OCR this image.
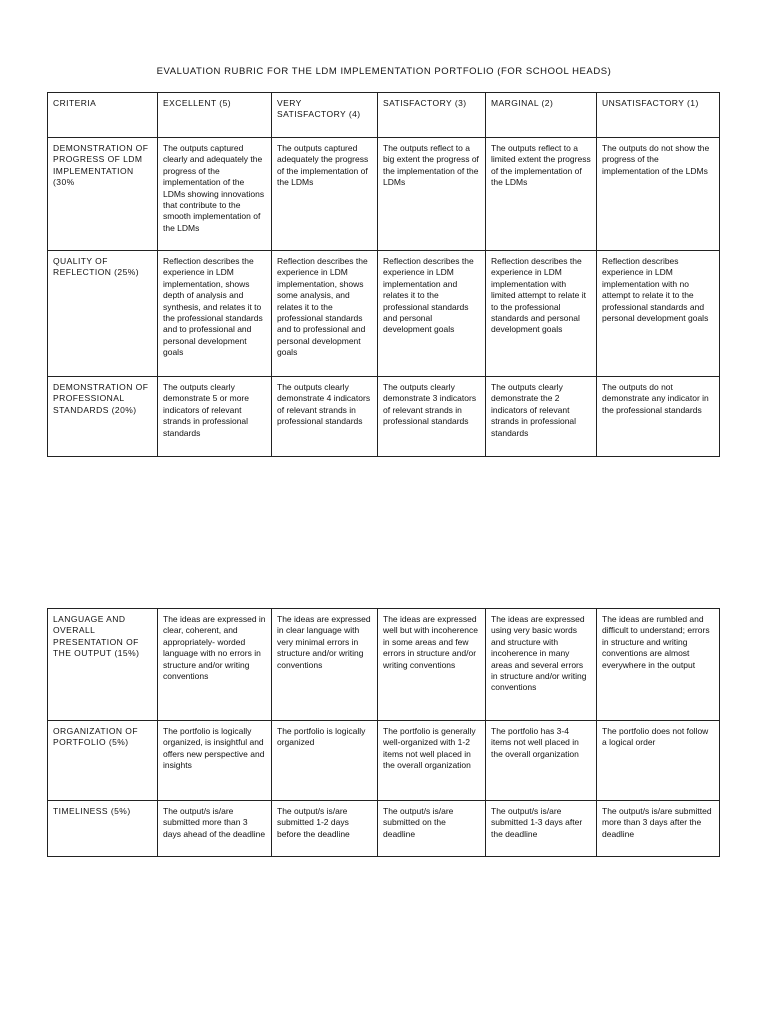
EVALUATION RUBRIC FOR THE LDM IMPLEMENTATION PORTFOLIO (FOR SCHOOL HEADS)
CRITERIA	EXCELLENT (5)	VERY SATISFACTORY (4)	SATISFACTORY (3)	MARGINAL (2)	UNSATISFACTORY (1)
DEMONSTRATION OF PROGRESS OF LDM IMPLEMENTATION (30%	The outputs captured clearly and adequately the progress of the implementation of the LDMs showing innovations that contribute to the smooth implementation of the LDMs	The outputs captured adequately the progress of the implementation of the LDMs	The outputs reflect to a big extent the progress of the implementation of the LDMs	The outputs reflect to a limited extent the progress of the implementation of the LDMs	The outputs do not show the progress of the implementation of the LDMs
QUALITY OF REFLECTION (25%)	Reflection describes the experience in LDM implementation, shows depth of analysis and synthesis, and relates it to the professional standards and to professional and personal development goals	Reflection describes the experience in LDM implementation, shows some analysis, and relates it to the professional standards and to professional and personal development goals	Reflection describes the experience in LDM implementation and relates it to the professional standards and personal development goals	Reflection describes the experience in LDM implementation with limited attempt to relate it to the professional standards and personal development goals	Reflection describes experience in LDM implementation with no attempt to relate it to the professional standards and personal development goals
DEMONSTRATION OF PROFESSIONAL STANDARDS (20%)	The outputs clearly demonstrate 5 or more indicators of relevant strands in professional standards	The outputs clearly demonstrate 4 indicators of relevant strands in professional standards	The outputs clearly demonstrate 3 indicators of relevant strands in professional standards	The outputs clearly demonstrate the 2 indicators of relevant strands in professional standards	The outputs do not demonstrate any indicator in the professional standards
LANGUAGE AND OVERALL PRESENTATION OF THE OUTPUT (15%)	The ideas are expressed in clear, coherent, and appropriately- worded language with no errors in structure and/or writing conventions	The ideas are expressed in clear language with very minimal errors in structure and/or writing conventions	The ideas are expressed well but with incoherence in some areas and few errors in structure and/or writing conventions	The ideas are expressed using very basic words and structure with incoherence in many areas and several errors in structure and/or writing conventions	The ideas are rumbled and difficult to understand; errors in structure and writing conventions are almost everywhere in the output
ORGANIZATION OF PORTFOLIO (5%)	The portfolio is logically organized, is insightful and offers new perspective and insights	The portfolio is logically organized	The portfolio is generally well-organized with 1-2 items not well placed in the overall organization	The portfolio has 3-4 items not well placed in the overall organization	The portfolio does not follow a logical order
TIMELINESS (5%)	The output/s is/are submitted more than 3 days ahead of the deadline	The output/s is/are submitted 1-2 days before the deadline	The output/s is/are submitted on the deadline	The output/s is/are submitted 1-3 days after the deadline	The output/s is/are submitted more than 3 days after the deadline
